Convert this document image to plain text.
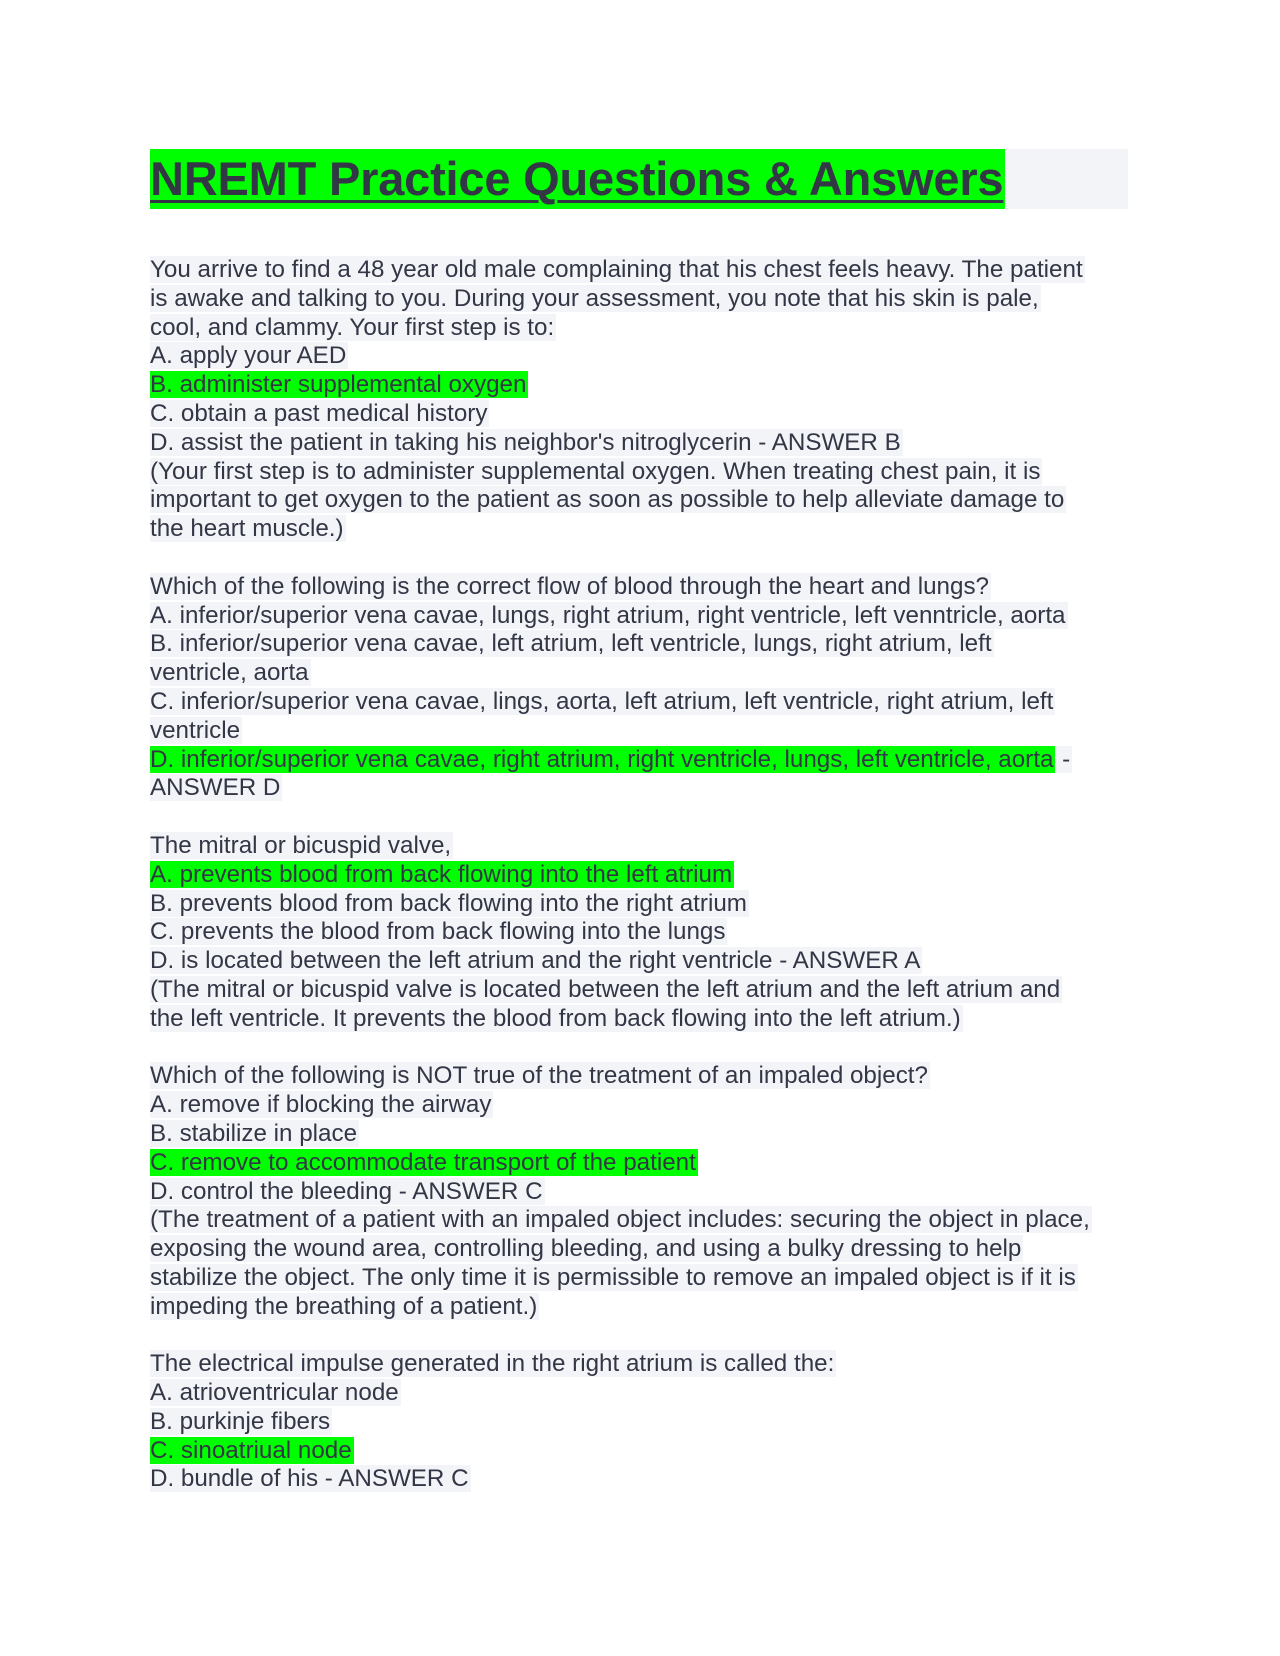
NREMT Practice Questions & Answers
You arrive to find a 48 year old male complaining that his chest feels heavy. The patient
is awake and talking to you. During your assessment, you note that his skin is pale,
cool, and clammy. Your first step is to:
A. apply your AED
B. administer supplemental oxygen
C. obtain a past medical history
D. assist the patient in taking his neighbor's nitroglycerin - ANSWER B
(Your first step is to administer supplemental oxygen. When treating chest pain, it is
important to get oxygen to the patient as soon as possible to help alleviate damage to
the heart muscle.)
Which of the following is the correct flow of blood through the heart and lungs?
A. inferior/superior vena cavae, lungs, right atrium, right ventricle, left venntricle, aorta
B. inferior/superior vena cavae, left atrium, left ventricle, lungs, right atrium, left
ventricle, aorta
C. inferior/superior vena cavae, lings, aorta, left atrium, left ventricle, right atrium, left
ventricle
D. inferior/superior vena cavae, right atrium, right ventricle, lungs, left ventricle, aorta -
ANSWER D
The mitral or bicuspid valve,
A. prevents blood from back flowing into the left atrium
B. prevents blood from back flowing into the right atrium
C. prevents the blood from back flowing into the lungs
D. is located between the left atrium and the right ventricle - ANSWER A
(The mitral or bicuspid valve is located between the left atrium and the left atrium and
the left ventricle. It prevents the blood from back flowing into the left atrium.)
Which of the following is NOT true of the treatment of an impaled object?
A. remove if blocking the airway
B. stabilize in place
C. remove to accommodate transport of the patient
D. control the bleeding - ANSWER C
(The treatment of a patient with an impaled object includes: securing the object in place,
exposing the wound area, controlling bleeding, and using a bulky dressing to help
stabilize the object. The only time it is permissible to remove an impaled object is if it is
impeding the breathing of a patient.)
The electrical impulse generated in the right atrium is called the:
A. atrioventricular node
B. purkinje fibers
C. sinoatriual node
D. bundle of his - ANSWER C
